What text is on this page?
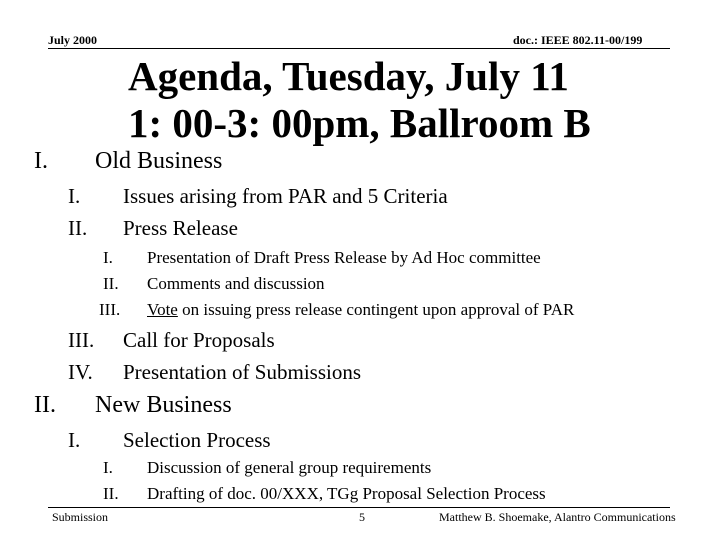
July 2000	doc.: IEEE 802.11-00/199
Agenda, Tuesday, July 11
1: 00-3: 00pm, Ballroom B
I. Old Business
I. Issues arising from PAR and 5 Criteria
II. Press Release
I. Presentation of Draft Press Release by Ad Hoc committee
II. Comments and discussion
III. Vote on issuing press release contingent upon approval of PAR
III. Call for Proposals
IV. Presentation of Submissions
II. New Business
I. Selection Process
I. Discussion of general group requirements
II. Drafting of doc. 00/XXX, TGg Proposal Selection Process
Submission	5	Matthew B. Shoemake, Alantro Communications
